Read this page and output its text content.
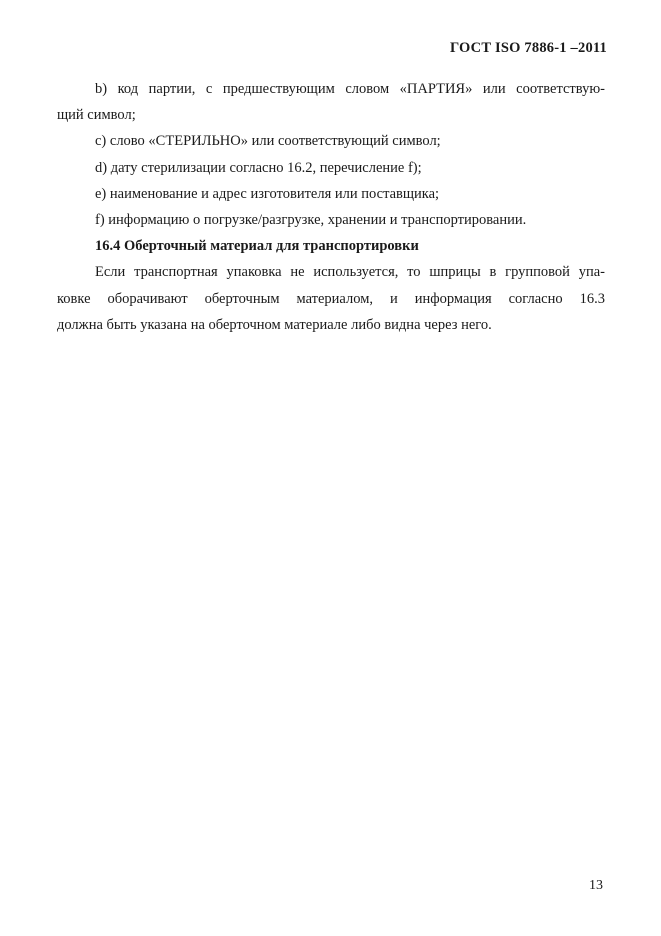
ГОСТ ISO 7886-1 –2011
b) код партии, с предшествующим словом «ПАРТИЯ» или соответствую-
щий символ;
c) слово «СТЕРИЛЬНО» или соответствующий символ;
d) дату стерилизации согласно 16.2, перечисление f);
e) наименование и адрес изготовителя или поставщика;
f) информацию о погрузке/разгрузке, хранении и транспортировании.
16.4 Оберточный материал для транспортировки
Если транспортная упаковка не используется, то шприцы в групповой упа-
ковке оборачивают оберточным материалом, и информация согласно 16.3
должна быть указана на оберточном материале либо видна через него.
13
